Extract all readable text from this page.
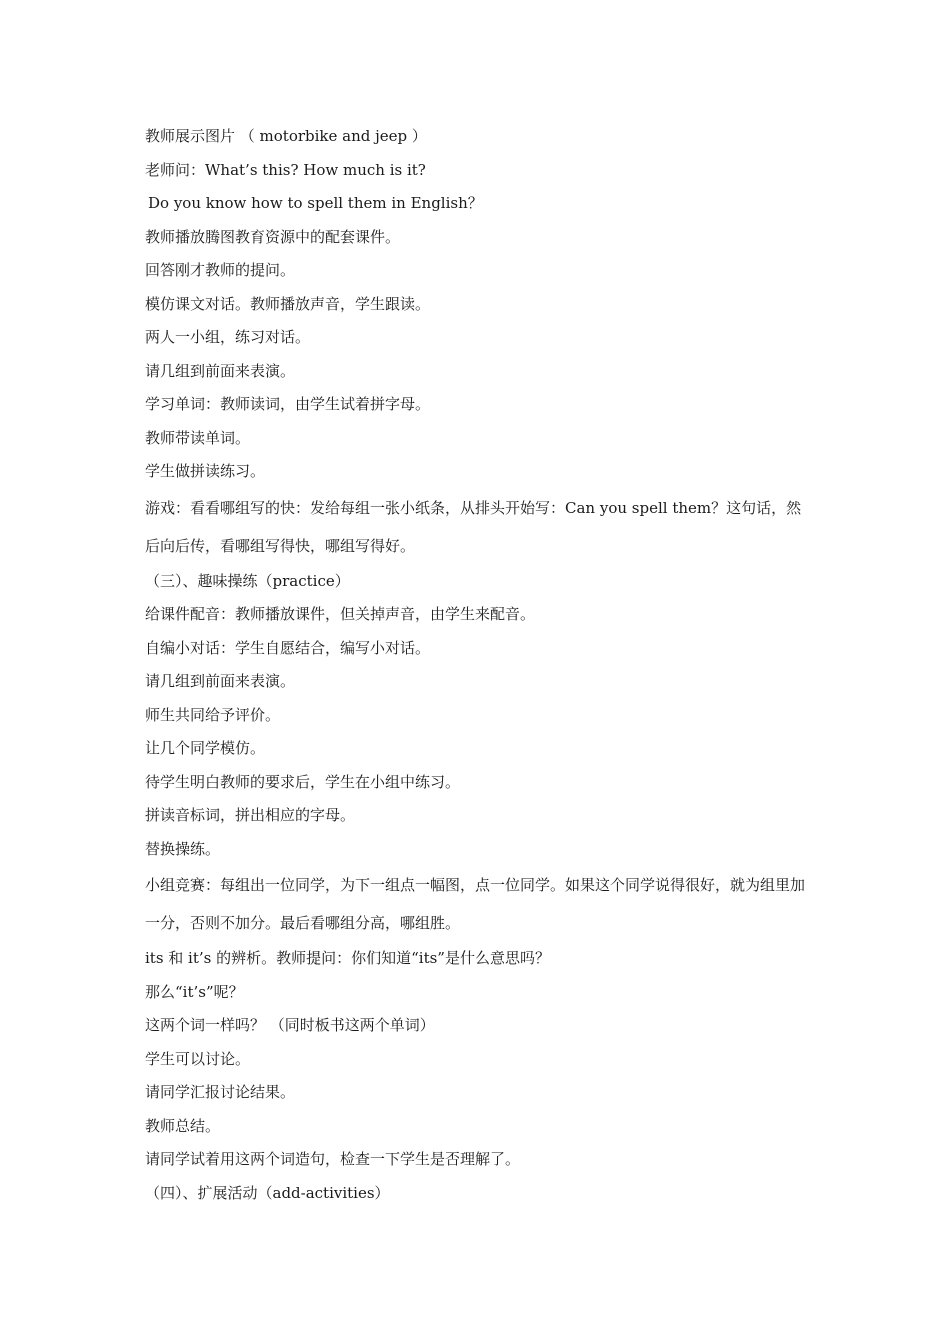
教师展示图片 （ motorbike and jeep ）
老师问：What’s this? How much is it?
Do you know how to spell them in English？
教师播放腾图教育资源中的配套课件。
回答刚才教师的提问。
模仿课文对话。教师播放声音，学生跟读。
两人一小组，练习对话。
请几组到前面来表演。
学习单词：教师读词，由学生试着拼字母。
教师带读单词。
学生做拼读练习。
游戏：看看哪组写的快：发给每组一张小纸条，从排头开始写：Can you spell them？这句话，然后向后传，看哪组写得快，哪组写得好。
（三）、趣味操练（practice）
给课件配音：教师播放课件，但关掉声音，由学生来配音。
自编小对话：学生自愿结合，编写小对话。
请几组到前面来表演。
师生共同给予评价。
让几个同学模仿。
待学生明白教师的要求后，学生在小组中练习。
拼读音标词，拼出相应的字母。
替换操练。
小组竞赛：每组出一位同学，为下一组点一幅图，点一位同学。如果这个同学说得很好，就为组里加一分，否则不加分。最后看哪组分高，哪组胜。
its 和 it’s 的辨析。教师提问：你们知道“its”是什么意思吗？
那么“it’s”呢？
这两个词一样吗？ （同时板书这两个单词）
学生可以讨论。
请同学汇报讨论结果。
教师总结。
请同学试着用这两个词造句，检查一下学生是否理解了。
（四）、扩展活动（add-activities）
